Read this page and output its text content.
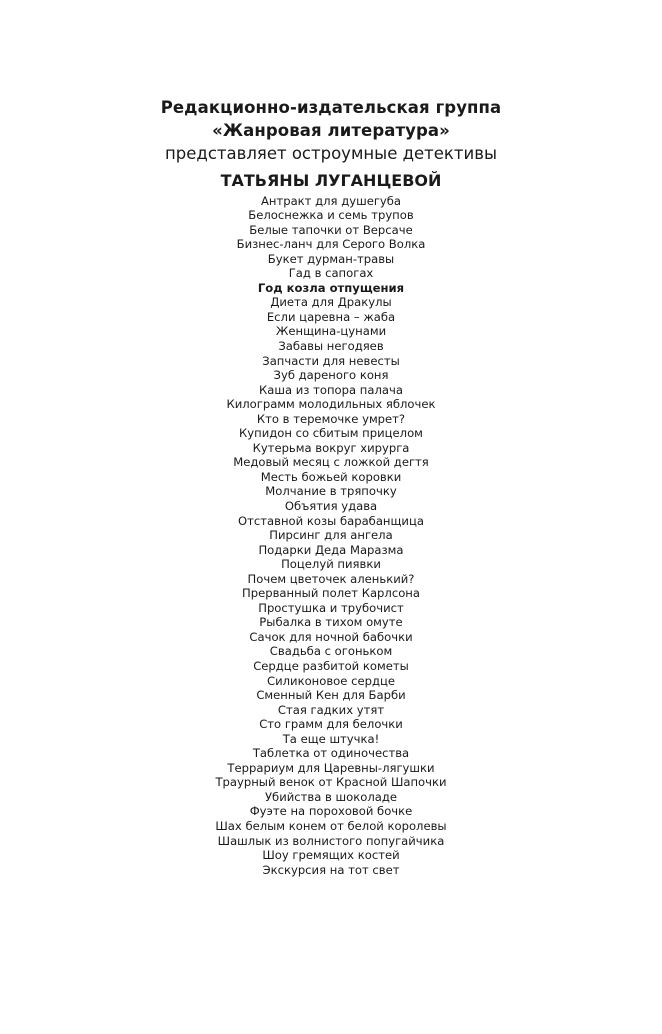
Редакционно-издательская группа
«Жанровая литература»
представляет остроумные детективы
ТАТЬЯНЫ ЛУГАНЦЕВОЙ
Антракт для душегуба
Белоснежка и семь трупов
Белые тапочки от Версаче
Бизнес-ланч для Серого Волка
Букет дурман-травы
Гад в сапогах
Год козла отпущения
Диета для Дракулы
Если царевна – жаба
Женщина-цунами
Забавы негодяев
Запчасти для невесты
Зуб дареного коня
Каша из топора палача
Килограмм молодильных яблочек
Кто в теремочке умрет?
Купидон со сбитым прицелом
Кутерьма вокруг хирурга
Медовый месяц с ложкой дегтя
Месть божьей коровки
Молчание в тряпочку
Объятия удава
Отставной козы барабанщица
Пирсинг для ангела
Подарки Деда Маразма
Поцелуй пиявки
Почем цветочек аленький?
Прерванный полет Карлсона
Простушка и трубочист
Рыбалка в тихом омуте
Сачок для ночной бабочки
Свадьба с огоньком
Сердце разбитой кометы
Силиконовое сердце
Сменный Кен для Барби
Стая гадких утят
Сто грамм для белочки
Та еще штучка!
Таблетка от одиночества
Террариум для Царевны-лягушки
Траурный венок от Красной Шапочки
Убийства в шоколаде
Фуэте на пороховой бочке
Шах белым конем от белой королевы
Шашлык из волнистого попугайчика
Шоу гремящих костей
Экскурсия на тот свет
